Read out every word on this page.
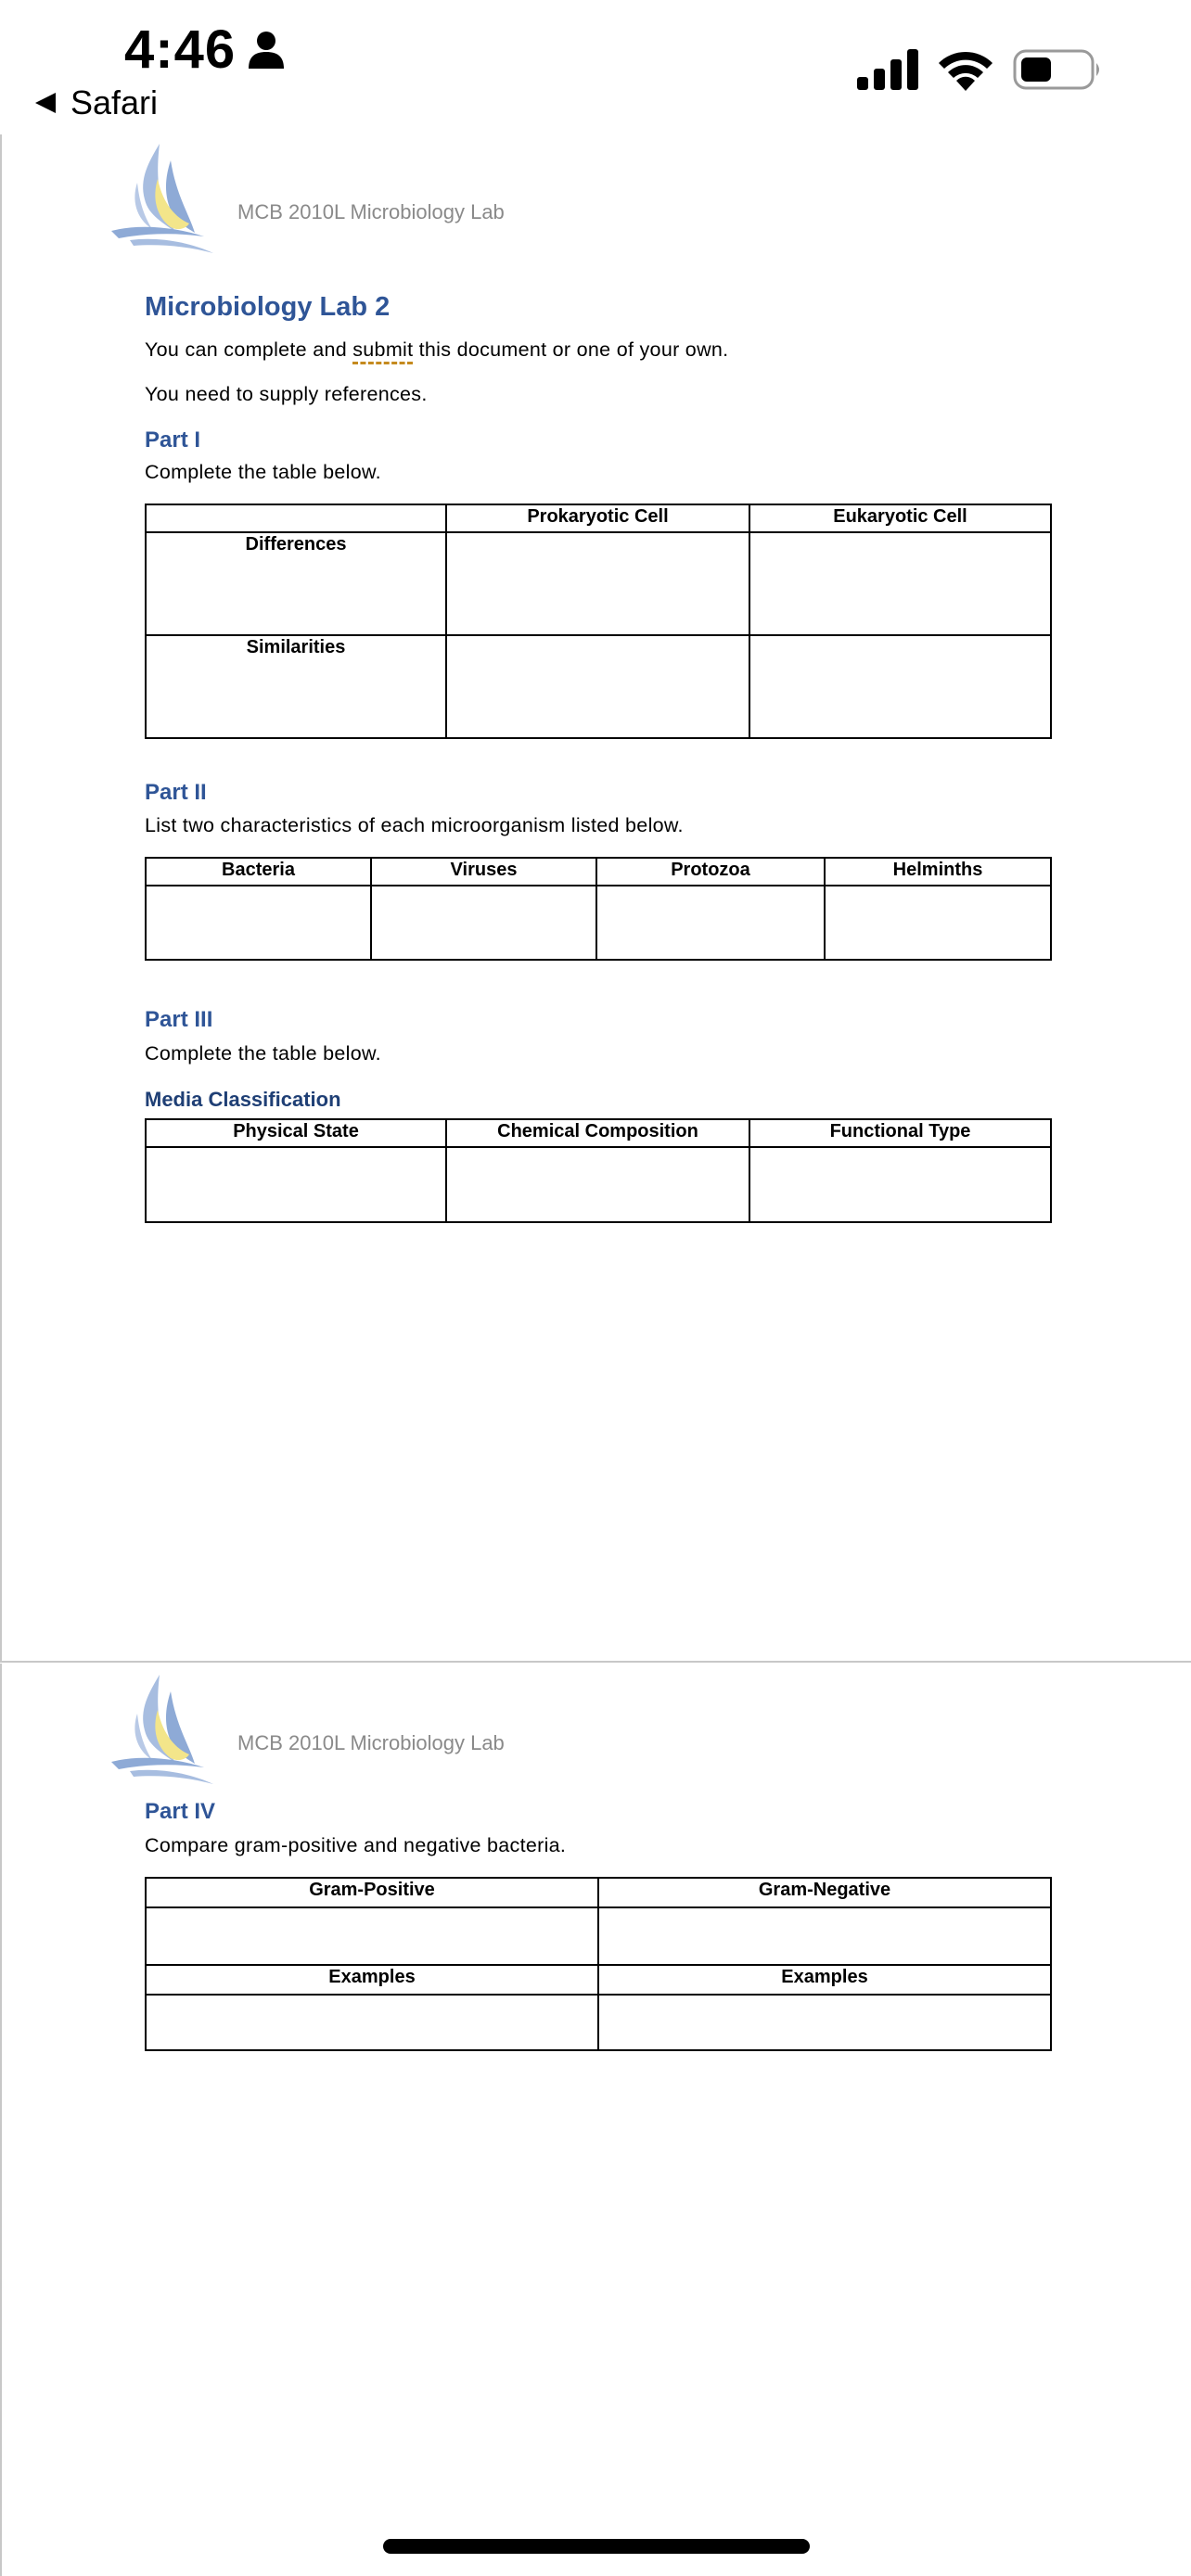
4:46
Safari
MCB 2010L Microbiology Lab
Microbiology Lab 2
You can complete and submit this document or one of your own.
You need to supply references.
Part I
Complete the table below.
	Prokaryotic Cell	Eukaryotic Cell
Differences		
Similarities		
Part II
List two characteristics of each microorganism listed below.
Bacteria	Viruses	Protozoa	Helminths

Part III
Complete the table below.
Media Classification
Physical State	Chemical Composition	Functional Type

MCB 2010L Microbiology Lab
Part IV
Compare gram-positive and negative bacteria.
Gram-Positive	Gram-Negative

Examples	Examples
